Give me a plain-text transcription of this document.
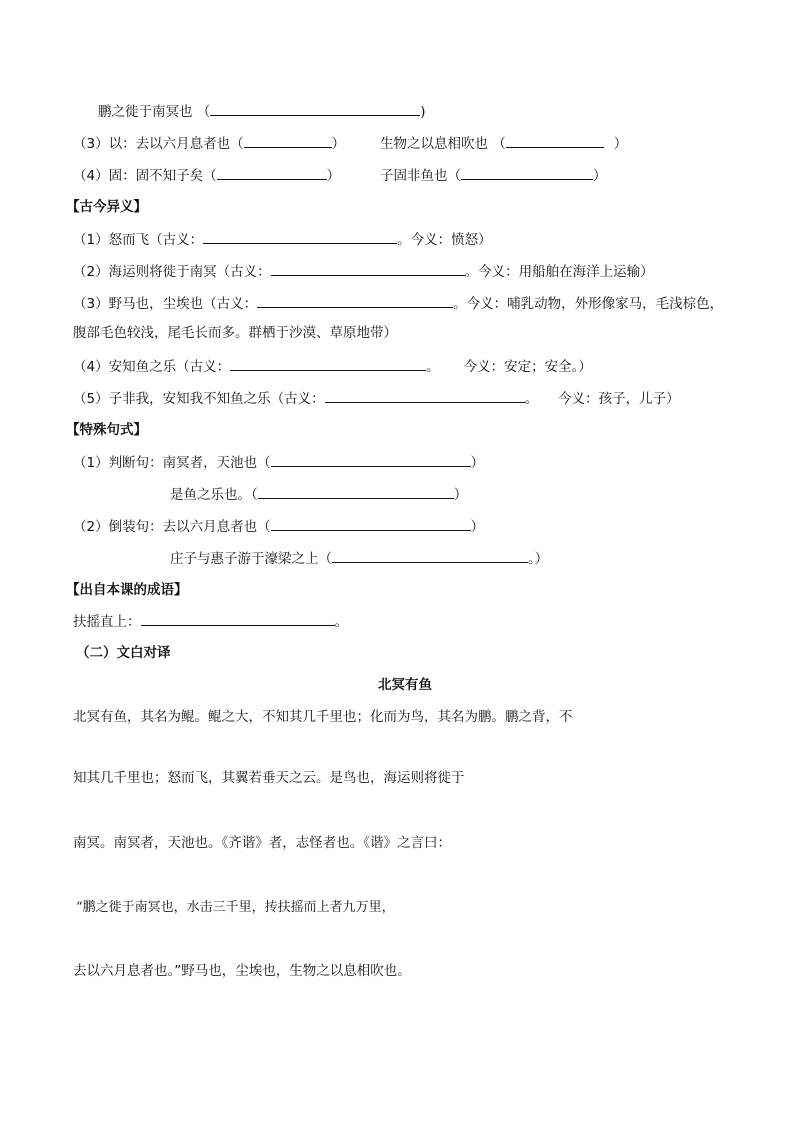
鹏之徙于南冥也 （	)
（3）以：去以六月息者也（	）	生物之以息相吹也 （	）
（4）固：固不知子矣（	）	子固非鱼也（	）
【古今异义】
（1）怒而飞（古义：	。今义：愤怒）
（2）海运则将徙于南冥（古义：	。今义：用船舶在海洋上运输）
（3）野马也，尘埃也（古义：	。今义：哺乳动物，外形像家马，毛浅棕色，
腹部毛色较浅，尾毛长而多。群栖于沙漠、草原地带）
（4）安知鱼之乐（古义：	。 今义：安定；安全。）
（5）子非我，安知我不知鱼之乐（古义：	。 今义：孩子，儿子）
【特殊句式】
（1）判断句：南冥者，天池也（	）
是鱼之乐也。（	）
（2）倒装句：去以六月息者也（	）
庄子与惠子游于濠梁之上（	。）
【出自本课的成语】
扶摇直上：	。
（二）文白对译
北冥有鱼
北冥有鱼，其名为鲲。鲲之大，不知其几千里也；化而为鸟，其名为鹏。鹏之背，不
知其几千里也；怒而飞，其翼若垂天之云。是鸟也，海运则将徙于
南冥。南冥者，天池也。《齐谐》者，志怪者也。《谐》之言曰：
“鹏之徙于南冥也，水击三千里，抟扶摇而上者九万里，
去以六月息者也。”野马也，尘埃也，生物之以息相吹也。
